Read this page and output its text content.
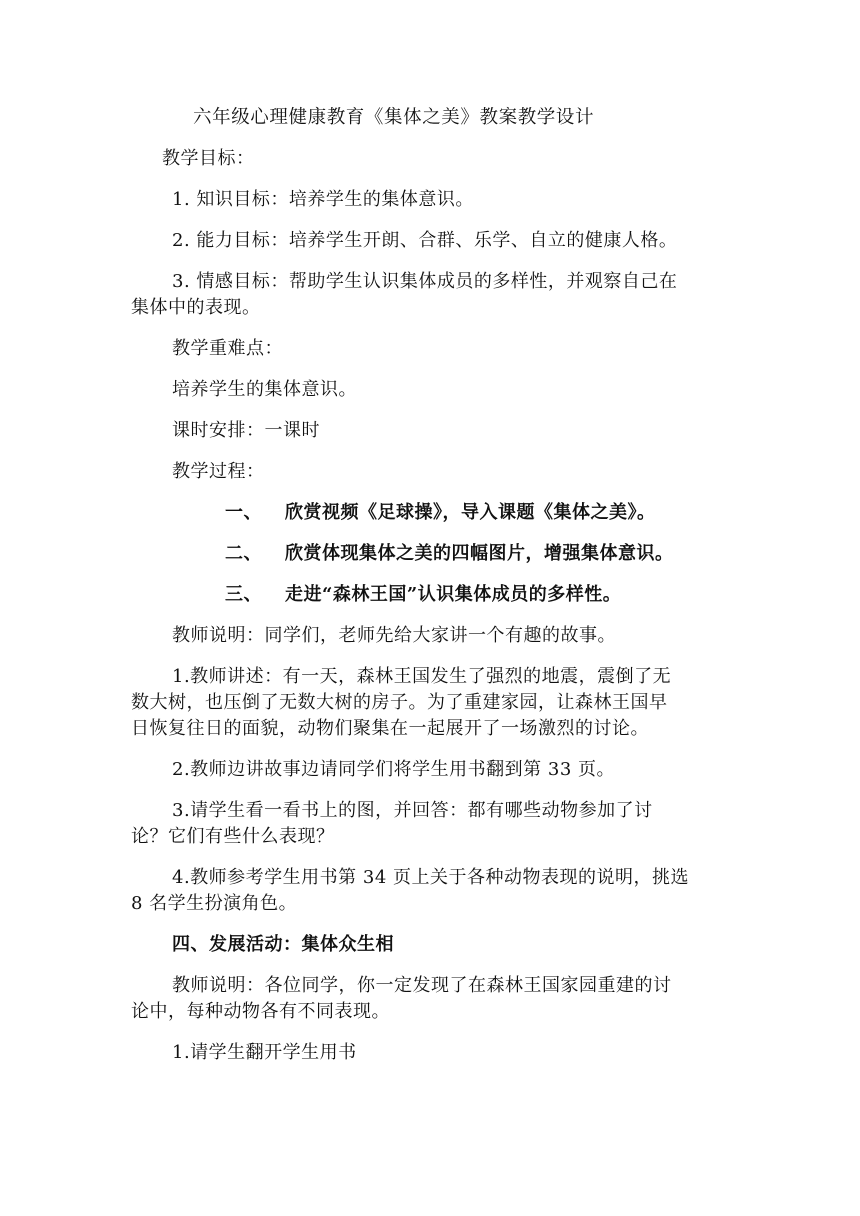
六年级心理健康教育《集体之美》教案教学设计
教学目标：
1. 知识目标：培养学生的集体意识。
2. 能力目标：培养学生开朗、合群、乐学、自立的健康人格。
3. 情感目标：帮助学生认识集体成员的多样性，并观察自己在
集体中的表现。
教学重难点：
培养学生的集体意识。
课时安排：一课时
教学过程：
一、 欣赏视频《足球操》，导入课题《集体之美》。
二、 欣赏体现集体之美的四幅图片，增强集体意识。
三、 走进“森林王国”认识集体成员的多样性。
教师说明：同学们，老师先给大家讲一个有趣的故事。
1.教师讲述：有一天，森林王国发生了强烈的地震，震倒了无
数大树，也压倒了无数大树的房子。为了重建家园，让森林王国早
日恢复往日的面貌，动物们聚集在一起展开了一场激烈的讨论。
2.教师边讲故事边请同学们将学生用书翻到第 33 页。
3.请学生看一看书上的图，并回答：都有哪些动物参加了讨
论？它们有些什么表现？
4.教师参考学生用书第 34 页上关于各种动物表现的说明，挑选
8 名学生扮演角色。
四、发展活动：集体众生相
教师说明：各位同学，你一定发现了在森林王国家园重建的讨
论中，每种动物各有不同表现。
1.请学生翻开学生用书
